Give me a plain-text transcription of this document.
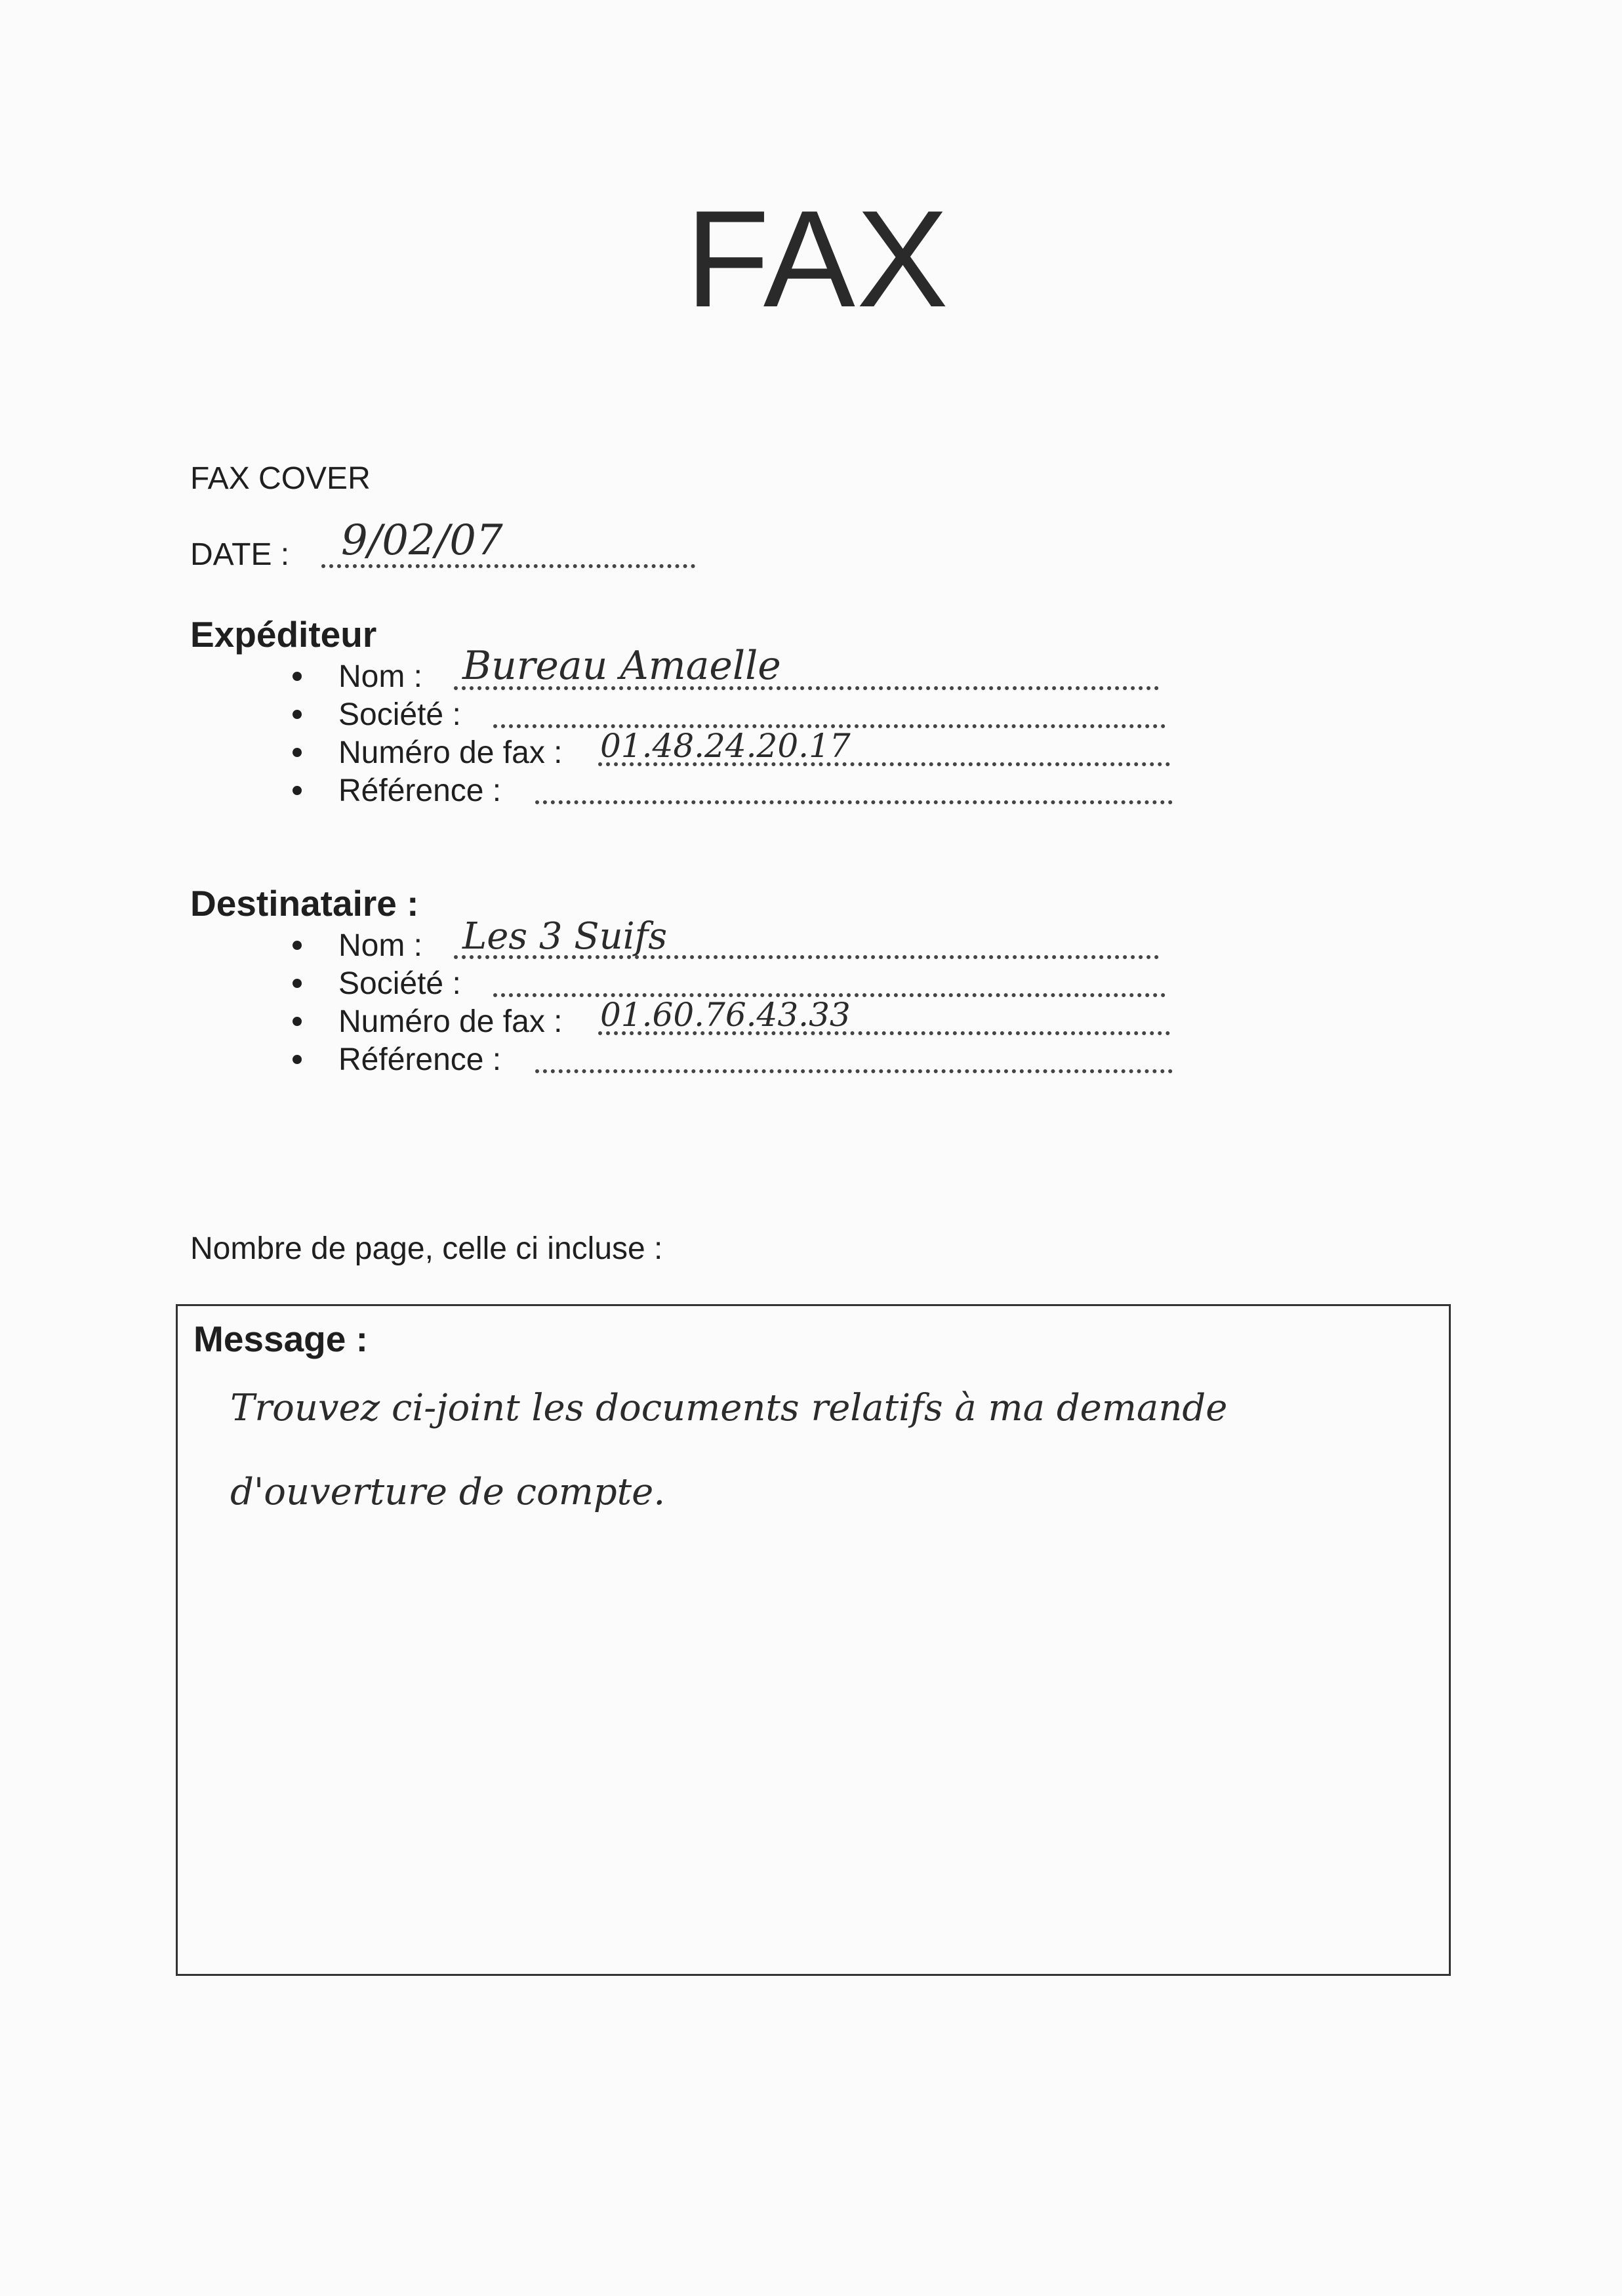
FAX
FAX COVER
DATE : 9/02/07
Expéditeur
Nom : Bureau Amaelle
Société :
Numéro de fax : 01.48.24.20.17
Référence :
Destinataire :
Nom : Les 3 Suifs
Société :
Numéro de fax : 01.60.76.43.33
Référence :
Nombre de page, celle ci incluse :
Message :
Trouvez ci-joint les documents relatifs à ma demande d'ouverture de compte.
